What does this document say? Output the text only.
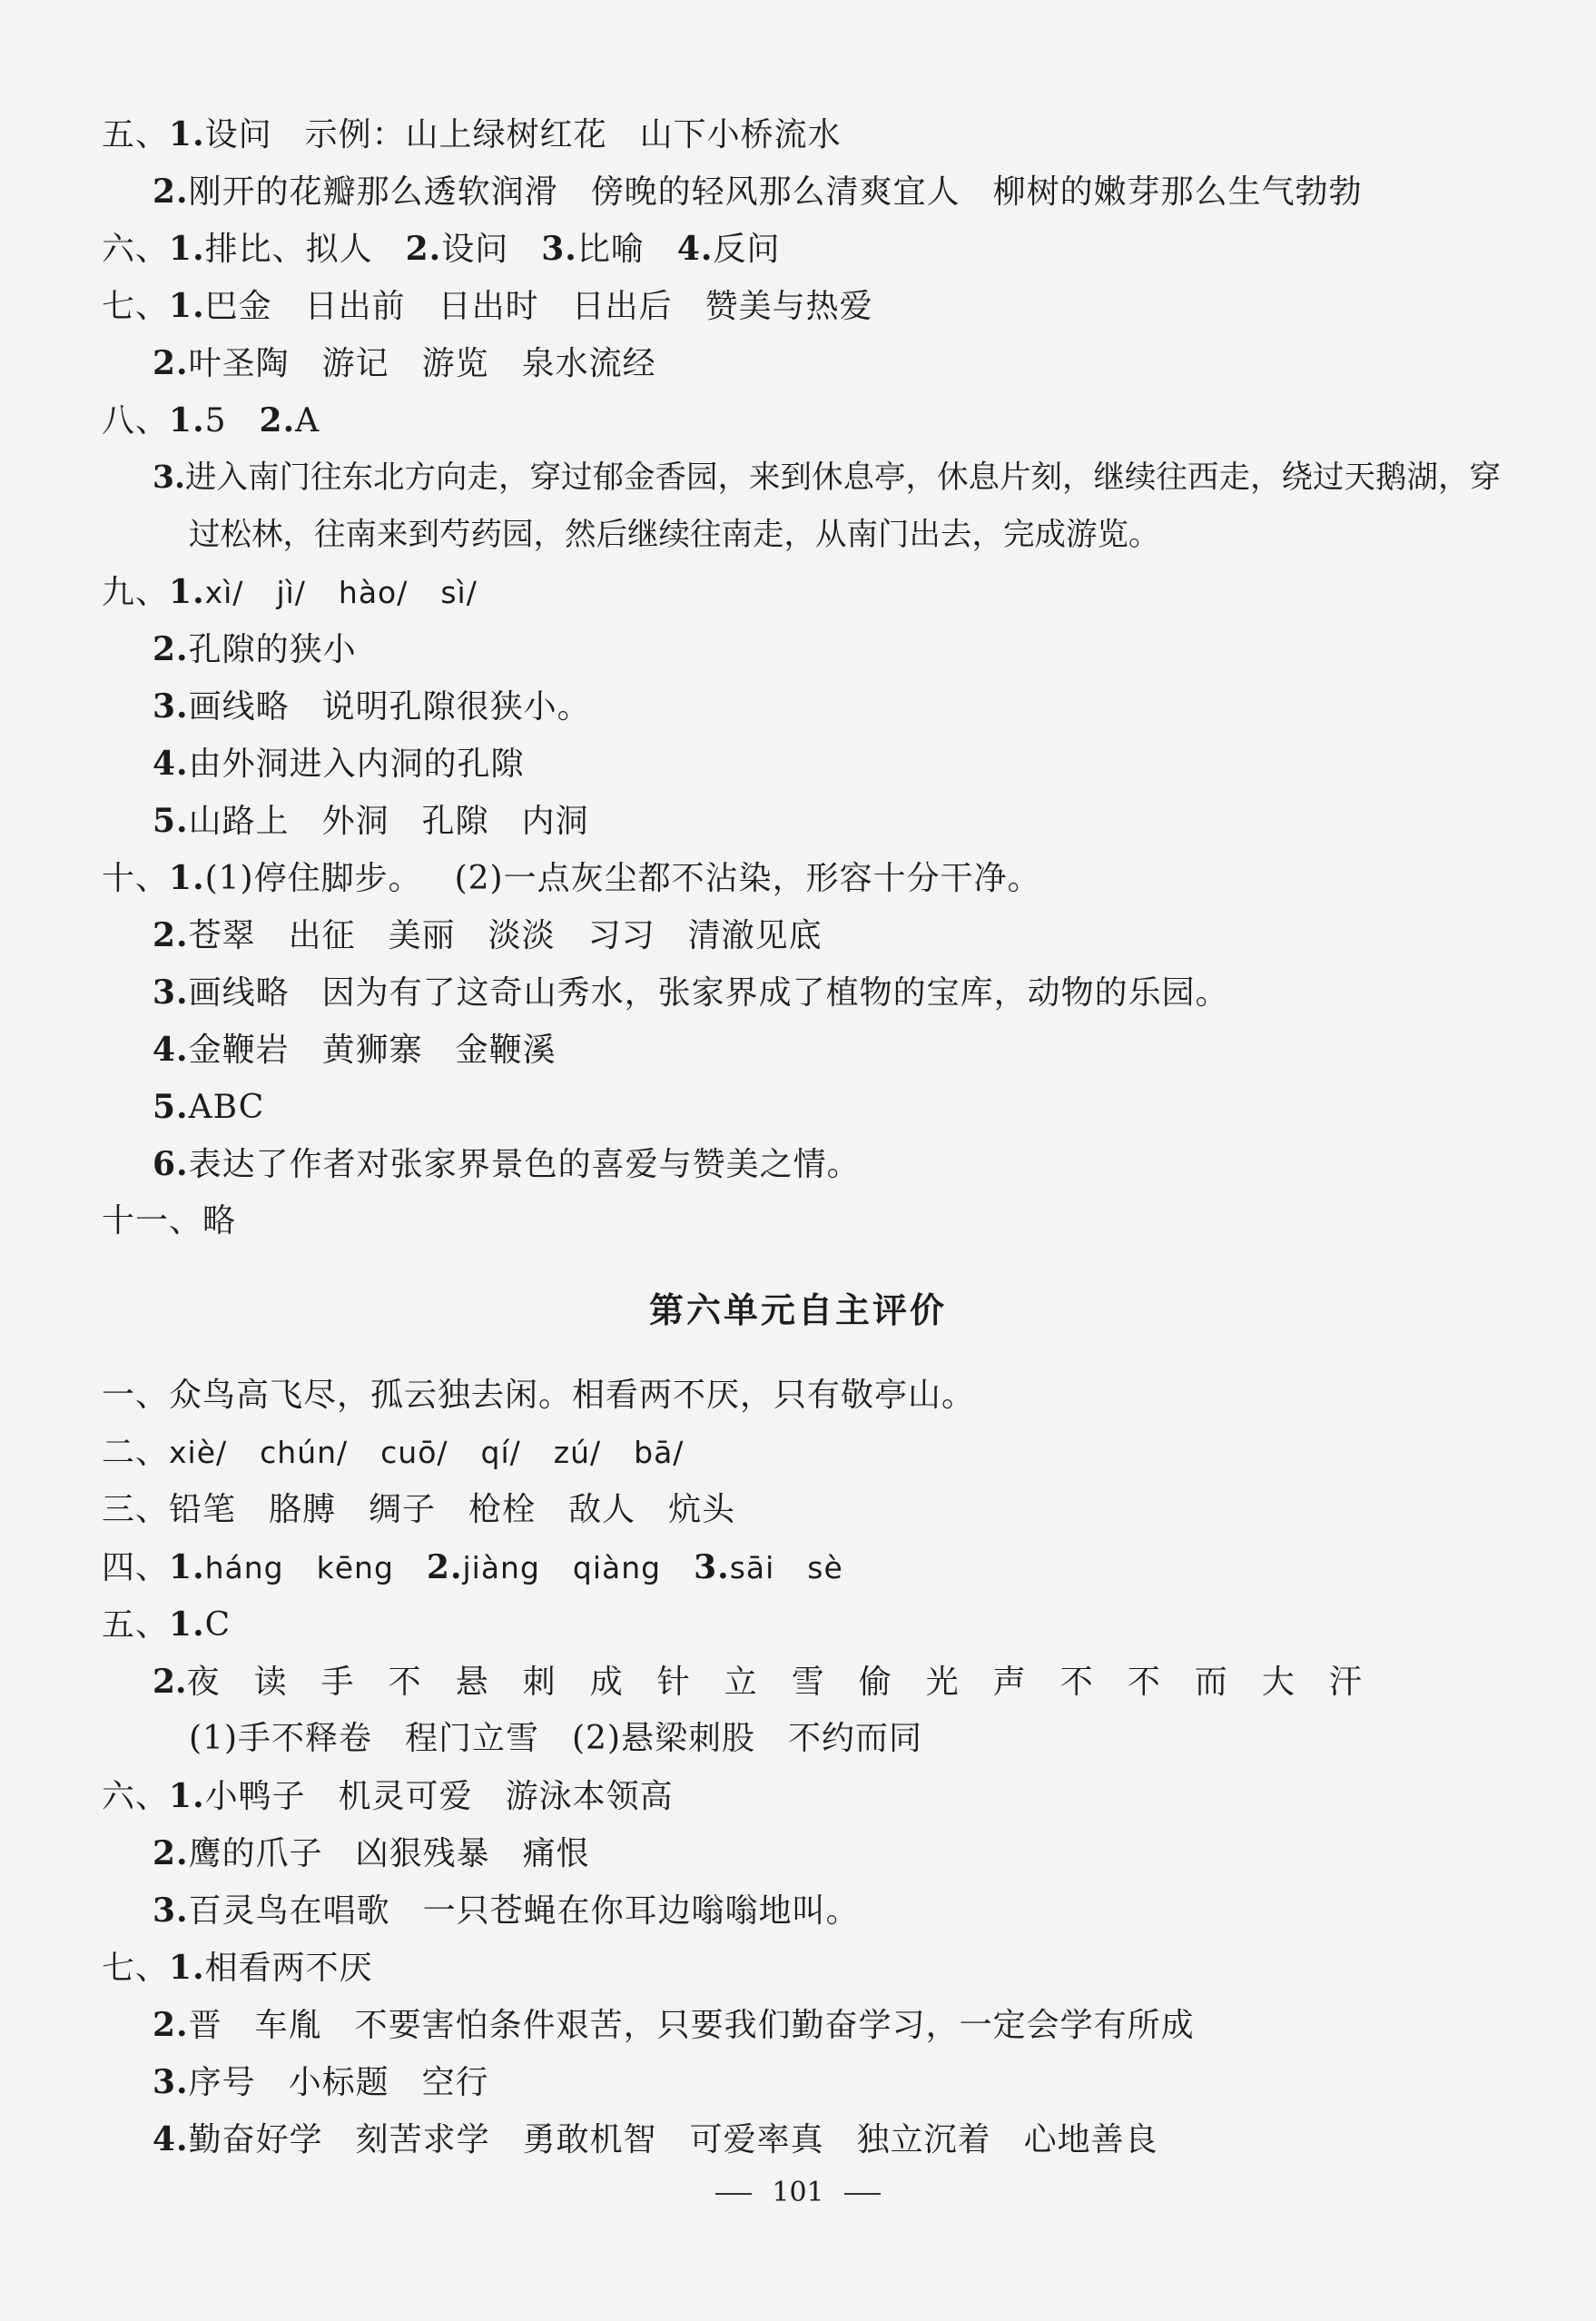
五、1.设问 示例：山上绿树红花 山下小桥流水
2.刚开的花瓣那么透软润滑 傍晚的轻风那么清爽宜人 柳树的嫩芽那么生气勃勃
六、1.排比、拟人 2.设问 3.比喻 4.反问
七、1.巴金 日出前 日出时 日出后 赞美与热爱
2.叶圣陶 游记 游览 泉水流经
八、1.5 2.A
3.进入南门往东北方向走，穿过郁金香园，来到休息亭，休息片刻，继续往西走，绕过天鹅湖，穿
过松林，往南来到芍药园，然后继续往南走，从南门出去，完成游览。
九、1.xì/ jì/ hào/ sì/
2.孔隙的狭小
3.画线略 说明孔隙很狭小。
4.由外洞进入内洞的孔隙
5.山路上 外洞 孔隙 内洞
十、1.(1)停住脚步。 (2)一点灰尘都不沾染，形容十分干净。
2.苍翠 出征 美丽 淡淡 习习 清澈见底
3.画线略 因为有了这奇山秀水，张家界成了植物的宝库，动物的乐园。
4.金鞭岩 黄狮寨 金鞭溪
5.ABC
6.表达了作者对张家界景色的喜爱与赞美之情。
十一、略
第六单元自主评价
一、众鸟高飞尽，孤云独去闲。相看两不厌，只有敬亭山。
二、xiè/ chún/ cuō/ qí/ zú/ bā/
三、铅笔 胳膊 绸子 枪栓 敌人 炕头
四、1.háng kēng 2.jiàng qiàng 3.sāi sè
五、1.C
2.夜 读 手 不 悬 刺 成 针 立 雪 偷 光 声 不 不 而 大 汗
(1)手不释卷 程门立雪 (2)悬梁刺股 不约而同
六、1.小鸭子 机灵可爱 游泳本领高
2.鹰的爪子 凶狠残暴 痛恨
3.百灵鸟在唱歌 一只苍蝇在你耳边嗡嗡地叫。
七、1.相看两不厌
2.晋 车胤 不要害怕条件艰苦，只要我们勤奋学习，一定会学有所成
3.序号 小标题 空行
4.勤奋好学 刻苦求学 勇敢机智 可爱率真 独立沉着 心地善良
101
